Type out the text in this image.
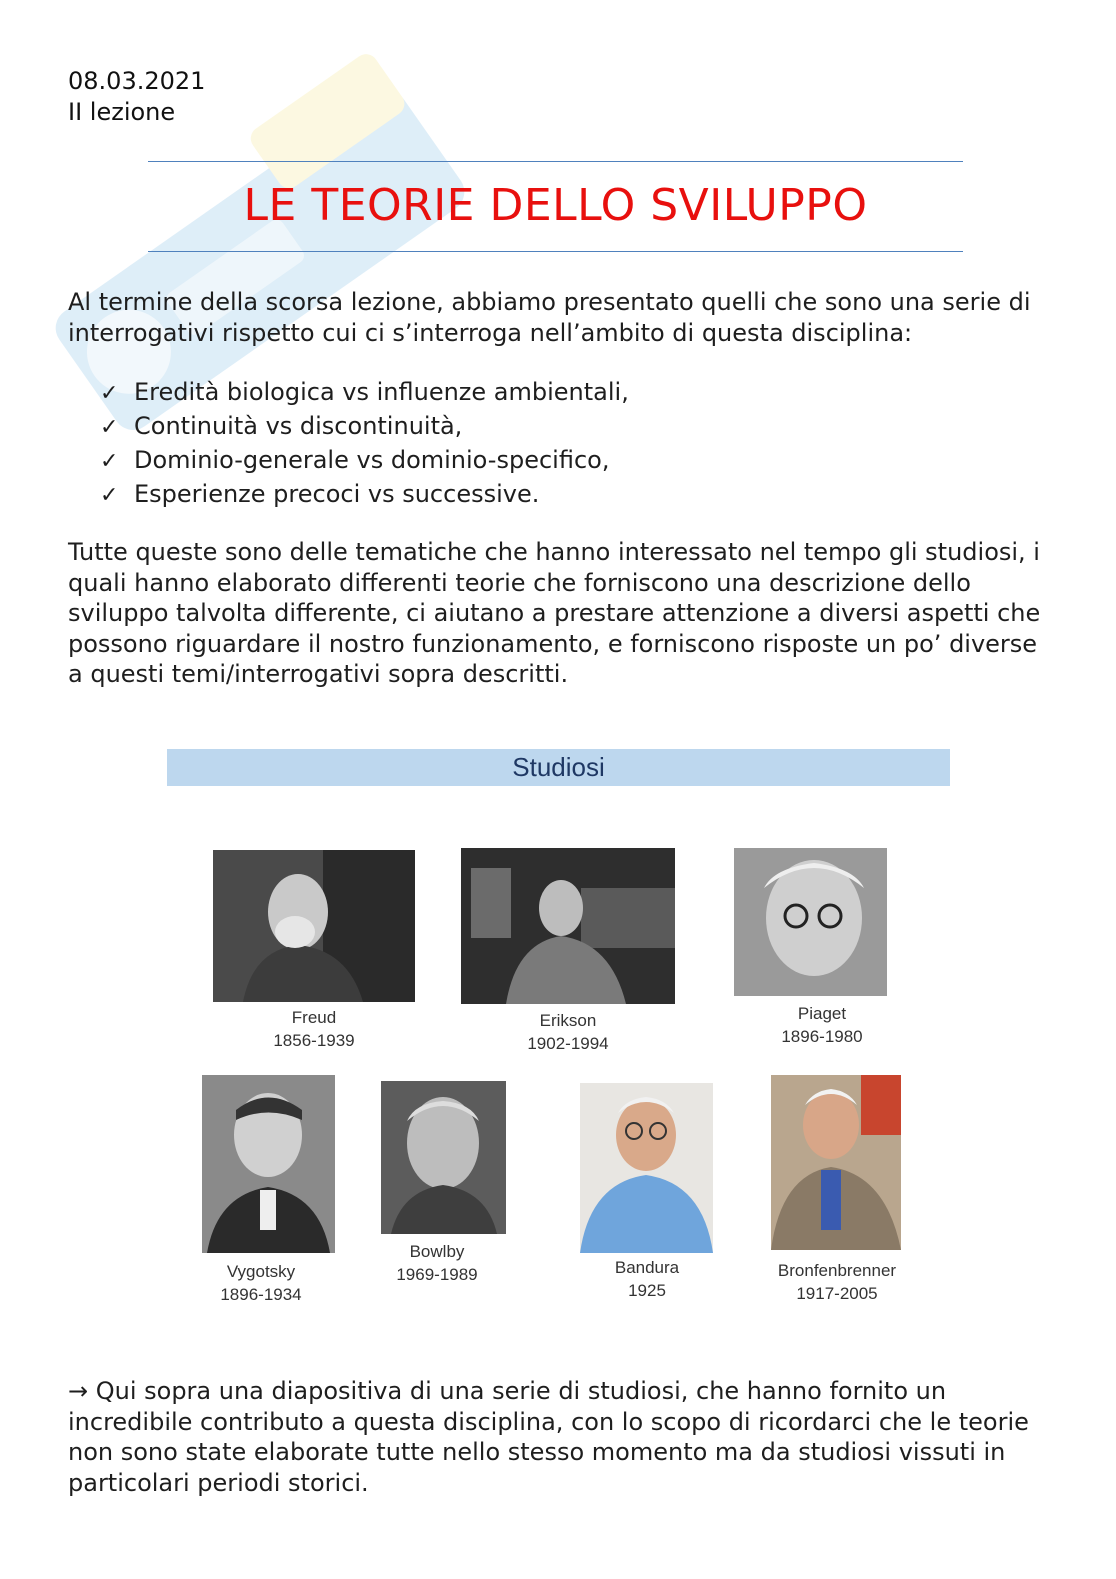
08.03.2021
II lezione
LE TEORIE DELLO SVILUPPO
Al termine della scorsa lezione, abbiamo presentato quelli che sono una serie di interrogativi rispetto cui ci s’interroga nell’ambito di questa disciplina:
✓ Eredità biologica vs influenze ambientali,
✓ Continuità vs discontinuità,
✓ Dominio-generale vs dominio-specifico,
✓ Esperienze precoci vs successive.
Tutte queste sono delle tematiche che hanno interessato nel tempo gli studiosi, i quali hanno elaborato differenti teorie che forniscono una descrizione dello sviluppo talvolta differente, ci aiutano a prestare attenzione a diversi aspetti che possono riguardare il nostro funzionamento, e forniscono risposte un po’ diverse a questi temi/interrogativi sopra descritti.
Studiosi
Freud
1856-1939
Erikson
1902-1994
Piaget
1896-1980
Vygotsky
1896-1934
Bowlby
1969-1989	Bandura
1925
Bronfenbrenner
1917-2005
→ Qui sopra una diapositiva di una serie di studiosi, che hanno fornito un incredibile contributo a questa disciplina, con lo scopo di ricordarci che le teorie non sono state elaborate tutte nello stesso momento ma da studiosi vissuti in particolari periodi storici.
